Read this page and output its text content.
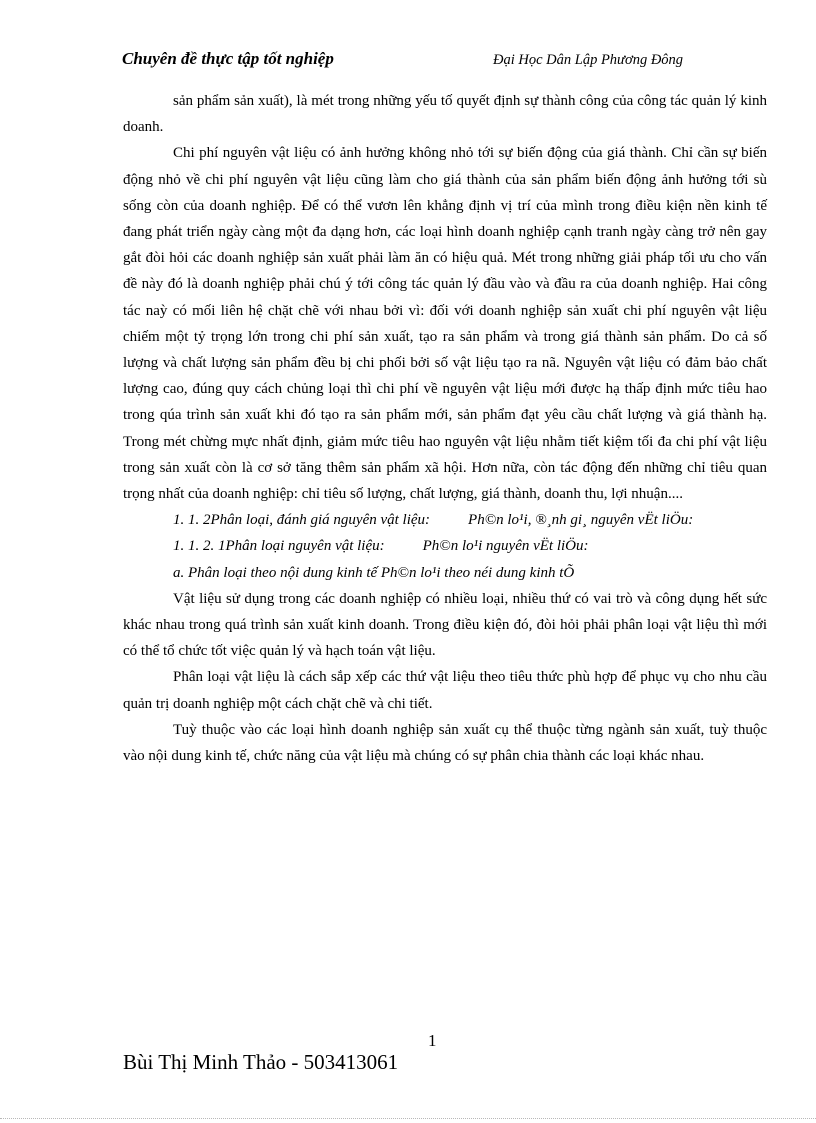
Chuyên đề thực tập tốt nghiệp	Đại Học Dân Lập Phương Đông

sản phẩm sản xuất), là mét trong những yếu tố quyết định sự thành công của công tác quản lý kinh doanh.

Chi phí nguyên vật liệu có ảnh hưởng không nhỏ tới sự biến động của giá thành. Chỉ cần sự biến động nhỏ về chi phí nguyên vật liệu cũng làm cho giá thành của sản phẩm biến động ảnh hưởng tới sù sống còn của doanh nghiệp. Để có thể vươn lên khẳng định vị trí của mình trong điều kiện nền kinh tế đang phát triển ngày càng một đa dạng hơn, các loại hình doanh nghiệp cạnh tranh ngày càng trở nên gay gắt đòi hỏi các doanh nghiệp sản xuất phải làm ăn có hiệu quả. Mét trong những giải pháp tối ưu cho vấn đề này đó là doanh nghiệp phải chú ý tới công tác quản lý đầu vào và đầu ra của doanh nghiệp. Hai công tác naỳ có mối liên hệ chặt chẽ với nhau bởi vì: đối với doanh nghiệp sản xuất chi phí nguyên vật liệu chiếm một tỷ trọng lớn trong chi phí sản xuất, tạo ra sản phẩm và trong giá thành sản phẩm. Do cả số lượng và chất lượng sản phẩm đều bị chi phối bởi số vật liệu tạo ra nã. Nguyên vật liệu có đảm bảo chất lượng cao, đúng quy cách chủng loại thì chi phí về nguyên vật liệu mới được hạ thấp định mức tiêu hao trong qúa trình sản xuất khi đó tạo ra sản phẩm mới, sản phẩm đạt yêu cầu chất lượng và giá thành hạ. Trong mét chừng mực nhất định, giảm mức tiêu hao nguyên vật liệu nhằm tiết kiệm tối đa chi phí vật liệu trong sản xuất còn là cơ sở tăng thêm sản phẩm xã hội. Hơn nữa, còn tác động đến những chỉ tiêu quan trọng nhất của doanh nghiệp: chỉ tiêu số lượng, chất lượng, giá thành, doanh thu, lợi nhuận....

1. 1. 2Phân loại, đánh giá nguyên vật liệu:	Ph©n lo¹i, ®¸nh gi¸ nguyên vËt liÖu:

1. 1. 2. 1Phân loại nguyên vật liệu:	Ph©n lo¹i nguyên vËt liÖu:

a. Phân loại theo nội dung kinh tế Ph©n lo¹i theo néi dung kinh tÕ

Vật liệu sử dụng trong các doanh nghiệp có nhiều loại, nhiều thứ có vai trò và công dụng hết sức khác nhau trong quá trình sản xuất kinh doanh. Trong điều kiện đó, đòi hỏi phải phân loại vật liệu thì mới có thể tổ chức tốt việc quản lý và hạch toán vật liệu.

Phân loại vật liệu là cách sắp xếp các thứ vật liệu theo tiêu thức phù hợp để phục vụ cho nhu cầu quản trị doanh nghiệp một cách chặt chẽ và chi tiết.

Tuỳ thuộc vào các loại hình doanh nghiệp sản xuất cụ thể thuộc từng ngành sản xuất, tuỳ thuộc vào nội dung kinh tế, chức năng của vật liệu mà chúng có sự phân chia thành các loại khác nhau.

1
Bùi Thị Minh Thảo - 503413061
